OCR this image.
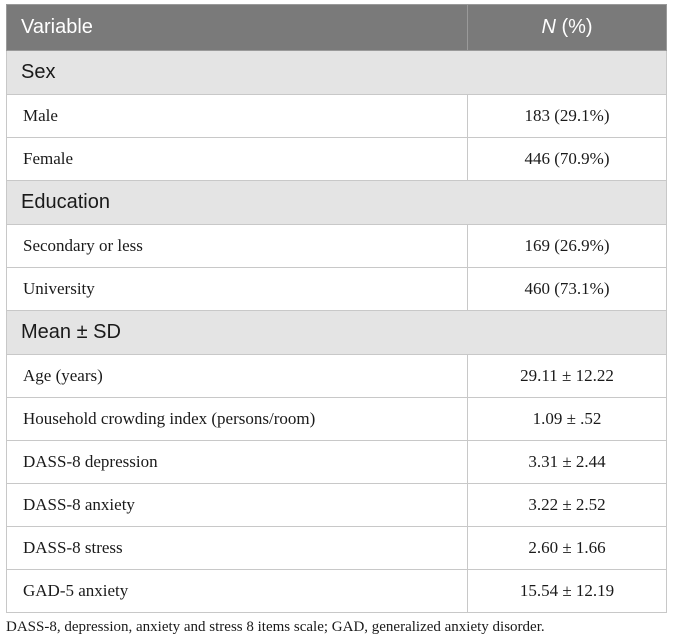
Variable	N (%)
Sex	
Male	183 (29.1%)
Female	446 (70.9%)
Education	
Secondary or less	169 (26.9%)
University	460 (73.1%)
Mean ± SD	
Age (years)	29.11 ± 12.22
Household crowding index (persons/room)	1.09 ± .52
DASS-8 depression	3.31 ± 2.44
DASS-8 anxiety	3.22 ± 2.52
DASS-8 stress	2.60 ± 1.66
GAD-5 anxiety	15.54 ± 12.19
DASS-8, depression, anxiety and stress 8 items scale; GAD, generalized anxiety disorder.
